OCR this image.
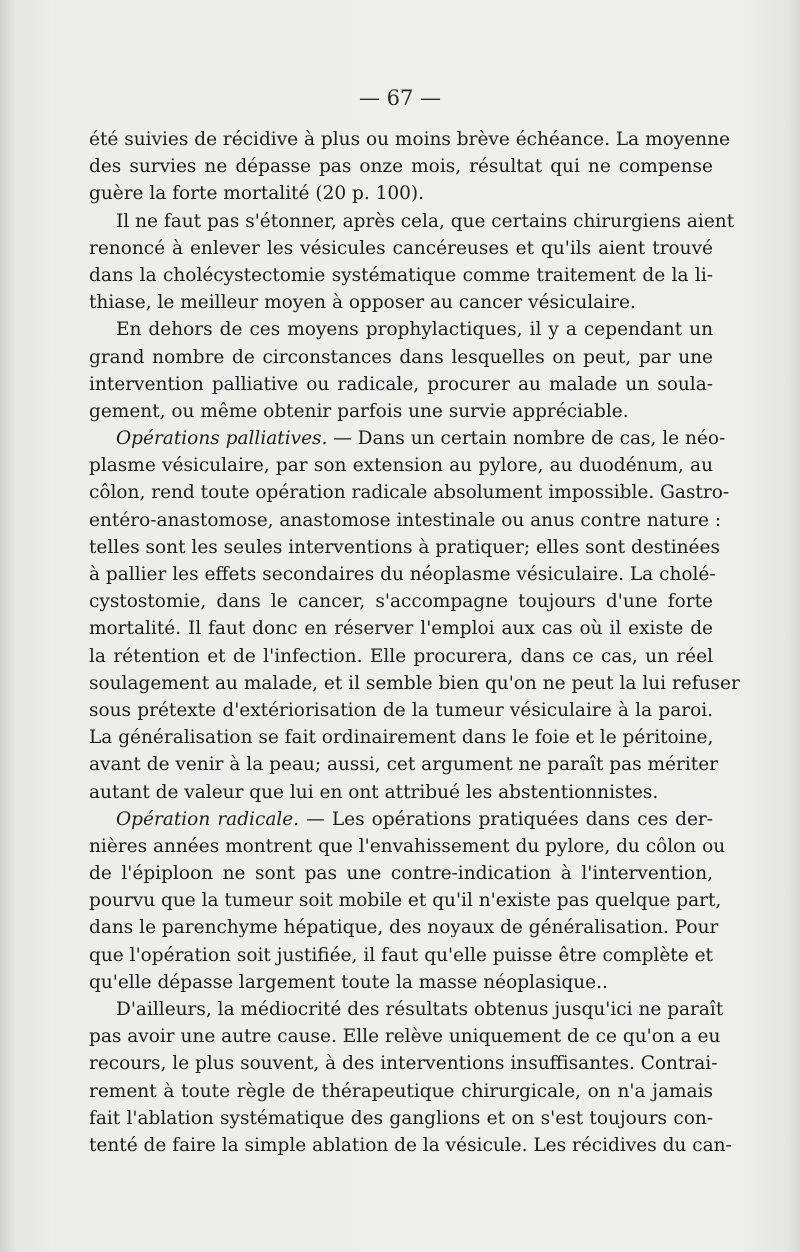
— 67 —

été suivies de récidive à plus ou moins brève échéance. La moyenne
des survies ne dépasse pas onze mois, résultat qui ne compense
guère la forte mortalité (20 p. 100).

Il ne faut pas s'étonner, après cela, que certains chirurgiens aient
renoncé à enlever les vésicules cancéreuses et qu'ils aient trouvé
dans la cholécystectomie systématique comme traitement de la li-
thiase, le meilleur moyen à opposer au cancer vésiculaire.

En dehors de ces moyens prophylactiques, il y a cependant un
grand nombre de circonstances dans lesquelles on peut, par une
intervention palliative ou radicale, procurer au malade un soula-
gement, ou même obtenir parfois une survie appréciable.

Opérations palliatives. — Dans un certain nombre de cas, le néo-
plasme vésiculaire, par son extension au pylore, au duodénum, au
côlon, rend toute opération radicale absolument impossible. Gastro-
entéro-anastomose, anastomose intestinale ou anus contre nature :
telles sont les seules interventions à pratiquer; elles sont destinées
à pallier les effets secondaires du néoplasme vésiculaire. La cholé-
cystostomie, dans le cancer, s'accompagne toujours d'une forte
mortalité. Il faut donc en réserver l'emploi aux cas où il existe de
la rétention et de l'infection. Elle procurera, dans ce cas, un réel
soulagement au malade, et il semble bien qu'on ne peut la lui refuser
sous prétexte d'extériorisation de la tumeur vésiculaire à la paroi.
La généralisation se fait ordinairement dans le foie et le péritoine,
avant de venir à la peau; aussi, cet argument ne paraît pas mériter
autant de valeur que lui en ont attribué les abstentionnistes.

Opération radicale. — Les opérations pratiquées dans ces der-
nières années montrent que l'envahissement du pylore, du côlon ou
de l'épiploon ne sont pas une contre-indication à l'intervention,
pourvu que la tumeur soit mobile et qu'il n'existe pas quelque part,
dans le parenchyme hépatique, des noyaux de généralisation. Pour
que l'opération soit justifiée, il faut qu'elle puisse être complète et
qu'elle dépasse largement toute la masse néoplasique..

D'ailleurs, la médiocrité des résultats obtenus jusqu'ici ne paraît
pas avoir une autre cause. Elle relève uniquement de ce qu'on a eu
recours, le plus souvent, à des interventions insuffisantes. Contrai-
rement à toute règle de thérapeutique chirurgicale, on n'a jamais
fait l'ablation systématique des ganglions et on s'est toujours con-
tenté de faire la simple ablation de la vésicule. Les récidives du can-
